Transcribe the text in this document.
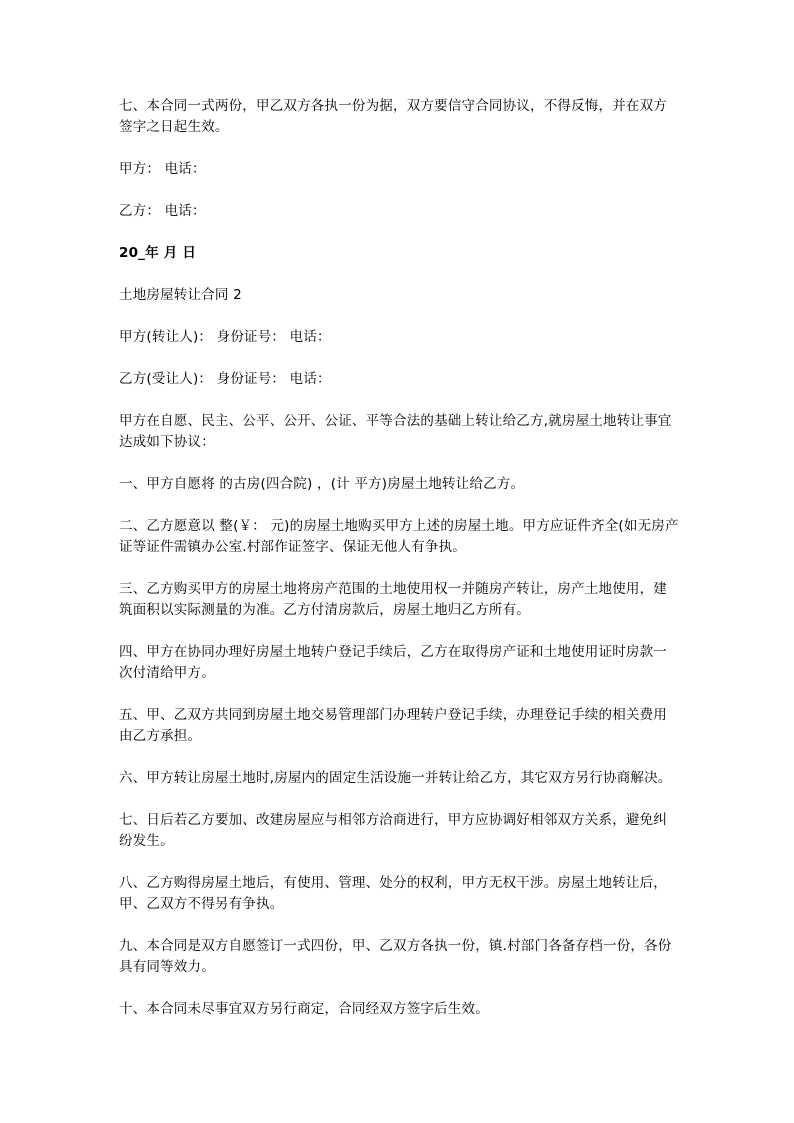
七、本合同一式两份，甲乙双方各执一份为据，双方要信守合同协议，不得反悔，并在双方签字之日起生效。

甲方： 电话：

乙方： 电话：

20_年 月 日

土地房屋转让合同 2

甲方(转让人)： 身份证号： 电话：

乙方(受让人)： 身份证号： 电话：

甲方在自愿、民主、公平、公开、公证、平等合法的基础上转让给乙方,就房屋土地转让事宜达成如下协议：

一、甲方自愿将 的古房(四合院) ，(计 平方)房屋土地转让给乙方。

二、乙方愿意以 整(￥： 元)的房屋土地购买甲方上述的房屋土地。甲方应证件齐全(如无房产证等证件需镇办公室.村部作证签字、保证无他人有争执。

三、乙方购买甲方的房屋土地将房产范围的土地使用权一并随房产转让，房产土地使用，建筑面积以实际测量的为准。乙方付清房款后，房屋土地归乙方所有。

四、甲方在协同办理好房屋土地转户登记手续后，乙方在取得房产证和土地使用证时房款一次付清给甲方。

五、甲、乙双方共同到房屋土地交易管理部门办理转户登记手续，办理登记手续的相关费用由乙方承担。

六、甲方转让房屋土地时,房屋内的固定生活设施一并转让给乙方，其它双方另行协商解决。

七、日后若乙方要加、改建房屋应与相邻方洽商进行，甲方应协调好相邻双方关系，避免纠纷发生。

八、乙方购得房屋土地后，有使用、管理、处分的权利，甲方无权干涉。房屋土地转让后，甲、乙双方不得另有争执。

九、本合同是双方自愿签订一式四份，甲、乙双方各执一份，镇.村部门各备存档一份，各份具有同等效力。

十、本合同未尽事宜双方另行商定，合同经双方签字后生效。
